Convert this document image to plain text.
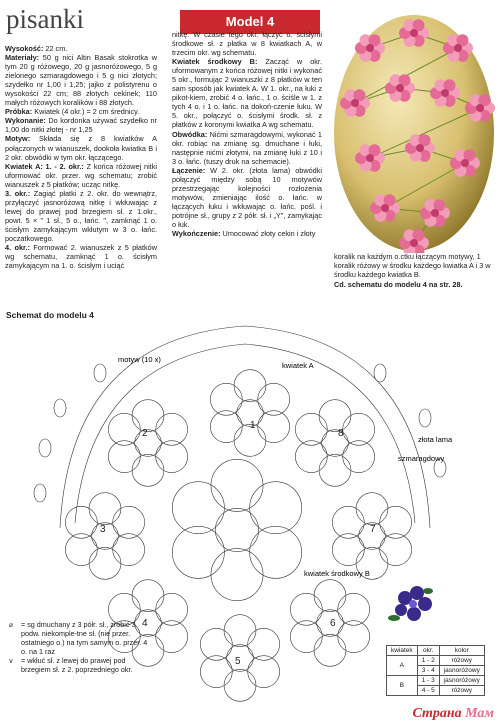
pisanki	Model 4

Wysokość: 22 cm.

Materiały: 50 g nici Altin Basak stokrotka w tym 20 g różowego, 20 g jasnoróżowego, 5 g zielonego szmaragdowego i 5 g nici złotych; szydełko nr 1,00 i 1,25; jajko z polistyrenu o wysokości 22 cm; 88 złotych cekinek; 110 małych różowych koralików i 88 złotych.

Próbka: Kwiatek (4 okr.) = 2 cm średnicy.

Wykonanie: Do kordonka używać szydełko nr 1,00 do nitki złotej - nr 1,25

Motyw: Składa się z 8 kwiatków A połączonych w wianuszek, dookoła kwiatka B i 2 okr. obwódki w tym okr. łączącego.

Kwiatek A: 1. - 2. okr.: Z końca różowej nitki uformować okr. przer. wg schematu; zrobić wianuszek z 5 płatków; ucząc nitkę.

3. okr.: Zagiąć płatki z 2. okr. do wewnątrz, przyłączyć jasnoróżową nitkę i wkłuwając z lewej do prawej pod brzegiem sł. z 1.okr., powt. 5 × " 1 sł., 5 o., łańc. ", zamknąć 1 o. ścisłym zamykającym wkłutym w 3 o. łańc. poczatkowego.

4. okr.: Formować 2. wianuszek z 5 płatków wg schematu, zamknąć 1 o. ścisłym zamykającym na 1. o. ścisłym i uciąć

nitkę. W czasie tego okr. łączyć o. ścisłymi środkowe sł. z płatka w 8 kwiatkach A, w trzecim okr. wg schematu.

Kwiatek środkowy B: Zacząć w okr. uformowanym z końca różowej nitki i wykonać 5 okr., formując 2 wianuszki z 8 płatków w ten sam sposób jak kwiatek A. W 1. okr., na łuki z pikot-kiem, zrobić 4 o. łańc., 1 o. ściśle w 1. z tych 4 o. i 1 o. łańc. na dokoń-czenie łuku. W 5. okr., połączyć o. ścisłymi środk. sł. z płatków z koronymi kwiatka A wg schematu.

Obwódka: Nićmi szmaragdowymi, wykonać 1 okr. robiąc na zmianę sg. dmuchane i łuki, następnie nićmi złotymi, na zmianę łuki z 10 i 3 o. łańc. (tuszy druk na schemacie).

Łączenie: W 2. okr. (złota lama) obwódki połączyć między sobą 10 motywów przestrzegając kolejności rozłożenia motywów, zmieniając ilość o. łańc. w łączących łuku i wkłuwając o. łańc. pośl. i potrójne sł., grupy z 2 półr. sł. i „Y", zamykając o łuk.

Wykończenie: Umocować złoty cekin i złoty

koralik na każdym o.ctku łączącym motywy, 1 koralik różowy w środku każdego kwiatka A i 3 w środku każdego kwiatka B.

Cd. schematu do modelu 4 na str. 28.

Schemat do modelu 4
motyw (10 x)
kwiatek A
kwiatek środkowy B
złota lama
szmaragdowy
1
2
3
4
5
6
7
8
⌀	= sg dmuchany z 3 półr. sł., zrobić 3 podw. niekomple-tne sł. (nie przer. ostatniego o.) na tym samym o. przer. 4 o. na 1 raz
∨	= wkłuć sł. z lewej do prawej pod brzegiem sł. z 2. poprzedniego okr.
kwiatek	okr.	kolor
A	1 - 2	różowy
	3 - 4	jasnoróżowy
B	1 - 3	jasnoróżowy
	4 - 5	różowy
Страна Мам
